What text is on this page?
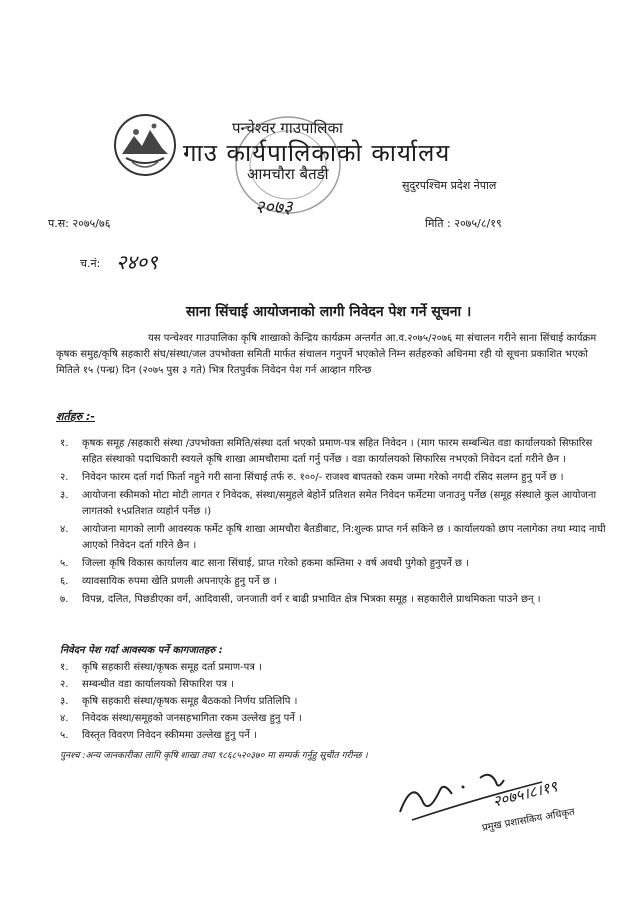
पन्चेश्वर गाउपालिका
गाउ कार्यपालिकाको कार्यालय
आमचौरा बैतडी
२०७३
सुदुरपश्चिम प्रदेश नेपाल
प.स: २०७५/७६	मिति : २०७५/८/१९
च.नं: २४०९
साना सिंचाई आयोजनाको लागी निवेदन पेश गर्ने सूचना ।
यस पन्चेश्वर गाउपालिका कृषि शाखाको केन्द्रिय कार्यक्रम अन्तर्गत आ.व.२०७५/२०७६ मा संचालन गरीने साना सिंचाई कार्यक्रम कृषक समुह/कृषि सहकारी संघ/संस्था/जल उपभोक्ता समिती मार्फत संचालन गनुपर्ने भएकोले निम्न सर्तहरुको अधिनमा रही यो सूचना प्रकाशित भएको मितिले १५ (पन्ध्र) दिन (२०७५ पुस ३ गते) भित्र रितपुर्वक निवेदन पेश गर्न आव्हान गरिन्छ
शर्तहरु :-
१.	कृषक समूह /सहकारी संस्था /उपभोक्ता समिति/संस्था दर्ता भएको प्रमाण-पत्र सहित निवेदन । (माग फारम सम्बन्धित वडा कार्यालयको सिफारिस सहित संस्थाको पदाधिकारी स्वयले कृषि शाखा आमचौरामा दर्ता गर्नु पर्नेछ । वडा कार्यालयको सिफारिस नभएको निवेदन दर्ता गरीने छैन ।
२.	निवेदन फारम दर्ता गर्दा फिर्ता नहुने गरी साना सिंचाई तर्फ रु. १००/- राजश्व बापतको रकम जम्मा गरेको नगदी रसिद सलग्न हुनु पर्ने छ ।
३.	आयोजना स्कीमको मोटा मोटी लागत र निवेदक, संस्था/समुहले बेहोर्ने प्रतिशत समेत निवेदन फर्मेटमा जनाउनु पर्नेछ (समूह संस्थाले कुल आयोजना लागतको १५प्रतिशत व्यहोर्न पर्नेछ ।)
४.	आयोजना मागको लागी आवस्यक फर्मेट कृषि शाखा आमचौरा बैतडीबाट, नि:शुल्क प्राप्त गर्न सकिने छ । कार्यालयको छाप नलागेका तथा म्याद नाघी आएको निवेदन दर्ता गरिने छैन ।
५.	जिल्ला कृषि विकास कार्यालय बाट साना सिंचाई, प्राप्त गरेको हकमा कम्तिमा २ वर्ष अवधी पुगेको हुनुपर्ने छ ।
६.	व्यावसायिक रुपमा खेति प्रणली अपनाएके हुनु पर्ने छ ।
७.	विपन्न, दलित, पिछडीएका वर्ग, आदिवासी, जनजाती वर्ग र बाढी प्रभावित क्षेत्र भित्रका समूह । सहकारीले प्राथमिकता पाउने छन् ।
निवेदन पेश गर्दा आवस्यक पर्ने कागजातहरु :
१.	कृषि सहकारी संस्था/कृषक समूह दर्ता प्रमाण-पत्र ।
२.	सम्बन्धीत वडा कार्यालयको सिफारिश पत्र ।
३.	कृषि सहकारी संस्था/कृषक समूह बैठकको निर्णय प्रतिलिपि ।
४.	निवेदक संस्था/समूहको जनसहभागिता रकम उल्लेख हुनु पर्ने ।
५.	विस्तृत विवरण निवेदन स्कीममा उल्लेख हुनु पर्ने ।
पुनश्च :अन्य जानकारीका लागि कृषि शाखा तथा ९८६८५२०३७० मा सम्पर्क गर्नुहु सूचीत गरीन्छ ।
२०७५।८।१९
प्रमुख प्रशासकिय अधिकृत
